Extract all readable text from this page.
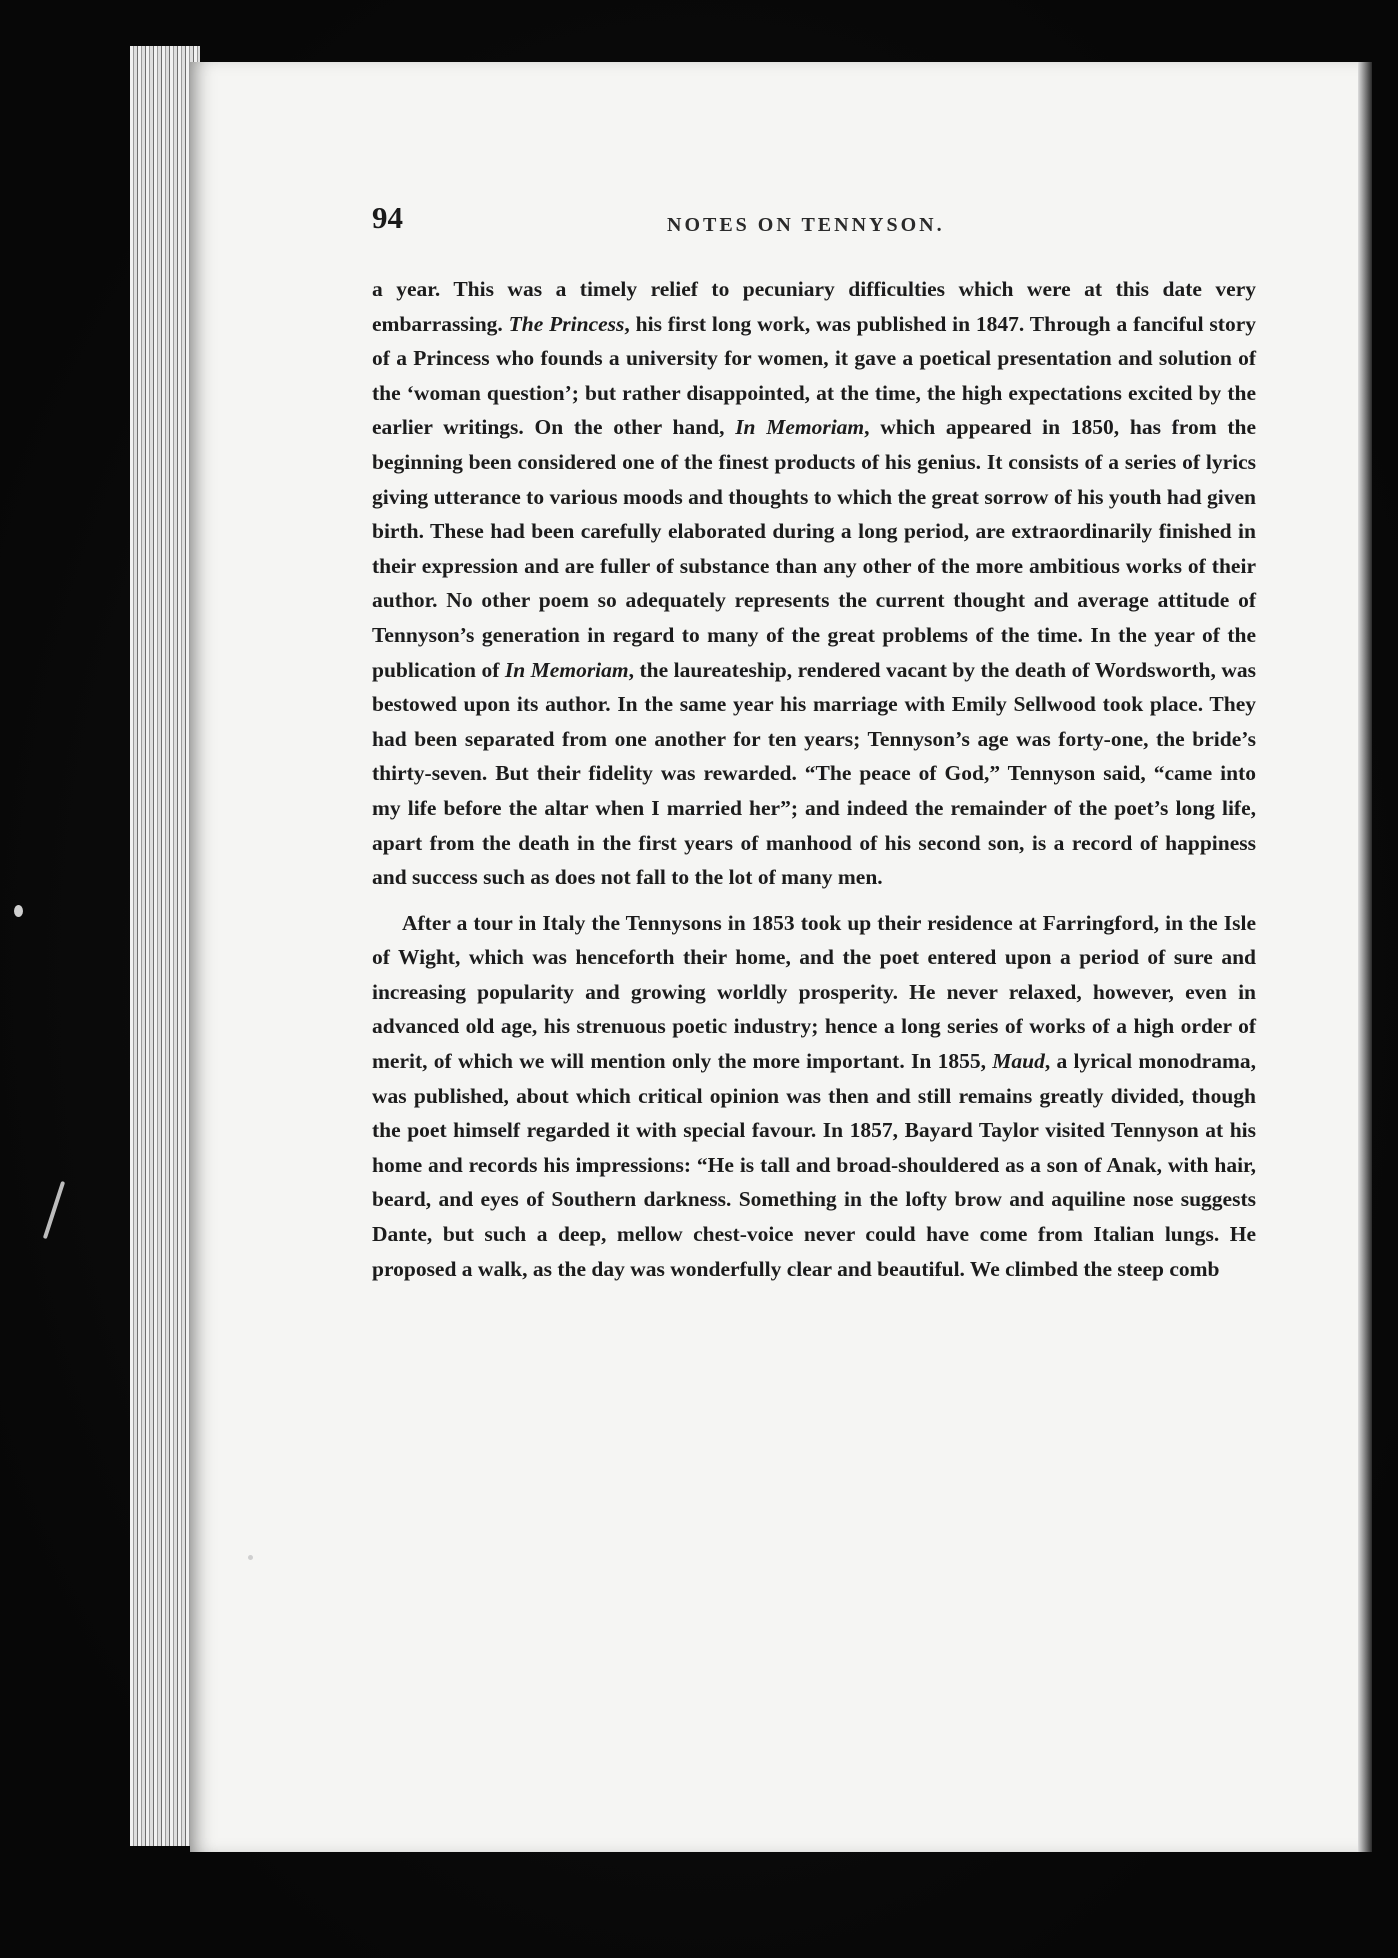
94	NOTES ON TENNYSON.

a year. This was a timely relief to pecuniary difficulties which were at this date very embarrassing. The Princess, his first long work, was published in 1847. Through a fanciful story of a Princess who founds a university for women, it gave a poetical presentation and solution of the ‘woman question’; but rather disappointed, at the time, the high expectations excited by the earlier writings. On the other hand, In Memoriam, which appeared in 1850, has from the beginning been considered one of the finest products of his genius. It consists of a series of lyrics giving utterance to various moods and thoughts to which the great sorrow of his youth had given birth. These had been carefully elaborated during a long period, are extraordinarily finished in their expression and are fuller of substance than any other of the more ambitious works of their author. No other poem so adequately represents the current thought and average attitude of Tennyson’s generation in regard to many of the great problems of the time. In the year of the publication of In Memoriam, the laureateship, rendered vacant by the death of Wordsworth, was bestowed upon its author. In the same year his marriage with Emily Sellwood took place. They had been separated from one another for ten years; Tennyson’s age was forty-one, the bride’s thirty-seven. But their fidelity was rewarded. “The peace of God,” Tennyson said, “came into my life before the altar when I married her”; and indeed the remainder of the poet’s long life, apart from the death in the first years of manhood of his second son, is a record of happiness and success such as does not fall to the lot of many men.

After a tour in Italy the Tennysons in 1853 took up their residence at Farringford, in the Isle of Wight, which was henceforth their home, and the poet entered upon a period of sure and increasing popularity and growing worldly prosperity. He never relaxed, however, even in advanced old age, his strenuous poetic industry; hence a long series of works of a high order of merit, of which we will mention only the more important. In 1855, Maud, a lyrical monodrama, was published, about which critical opinion was then and still remains greatly divided, though the poet himself regarded it with special favour. In 1857, Bayard Taylor visited Tennyson at his home and records his impressions: “He is tall and broad-shouldered as a son of Anak, with hair, beard, and eyes of Southern darkness. Something in the lofty brow and aquiline nose suggests Dante, but such a deep, mellow chest-voice never could have come from Italian lungs. He proposed a walk, as the day was wonderfully clear and beautiful. We climbed the steep comb
